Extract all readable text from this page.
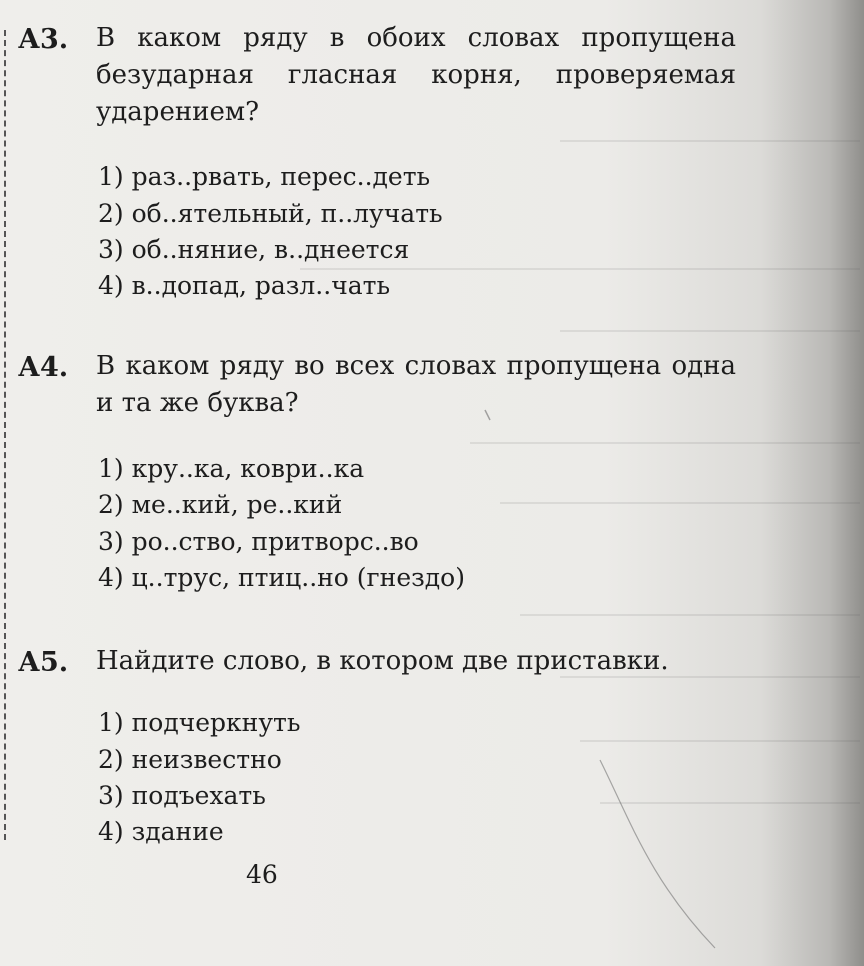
А3. В каком ряду в обоих словах пропущена безударная гласная корня, проверяемая ударением?
1) раз..рвать, перес..деть
2) об..ятельный, п..лучать
3) об..няние, в..днеется
4) в..допад, разл..чать
А4. В каком ряду во всех словах пропущена одна и та же буква?
1) кру..ка, коври..ка
2) ме..кий, ре..кий
3) ро..ство, притворс..во
4) ц..трус, птиц..но (гнездо)
А5. Найдите слово, в котором две приставки.
1) подчеркнуть
2) неизвестно
3) подъехать
4) здание
46
